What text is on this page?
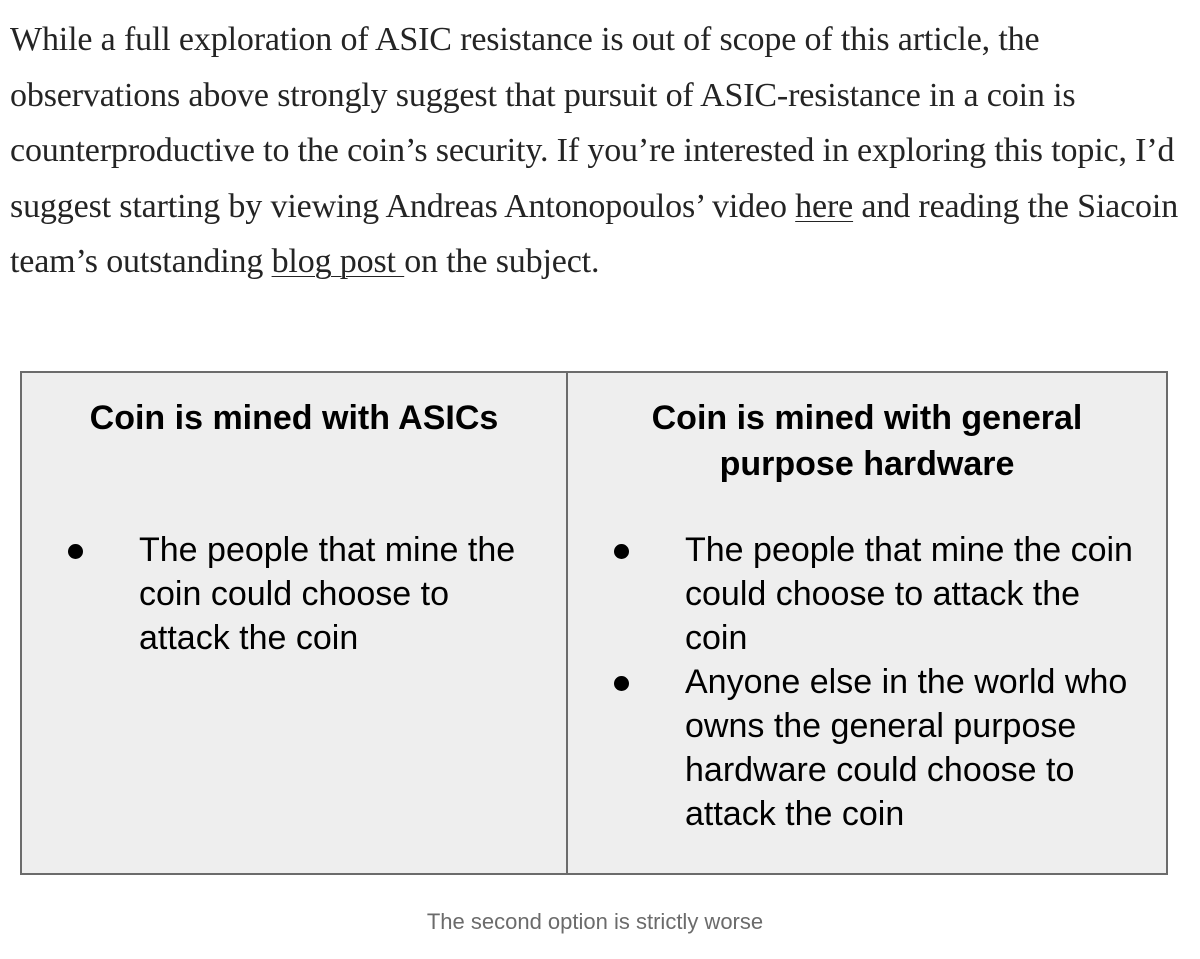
While a full exploration of ASIC resistance is out of scope of this article, the observations above strongly suggest that pursuit of ASIC-resistance in a coin is counterproductive to the coin’s security. If you’re interested in exploring this topic, I’d suggest starting by viewing Andreas Antonopoulos’ video here and reading the Siacoin team’s outstanding blog post on the subject.

Coin is mined with ASICs
The people that mine the coin could choose to attack the coin
Coin is mined with general purpose hardware
The people that mine the coin could choose to attack the coin
Anyone else in the world who owns the general purpose hardware could choose to attack the coin

The second option is strictly worse
